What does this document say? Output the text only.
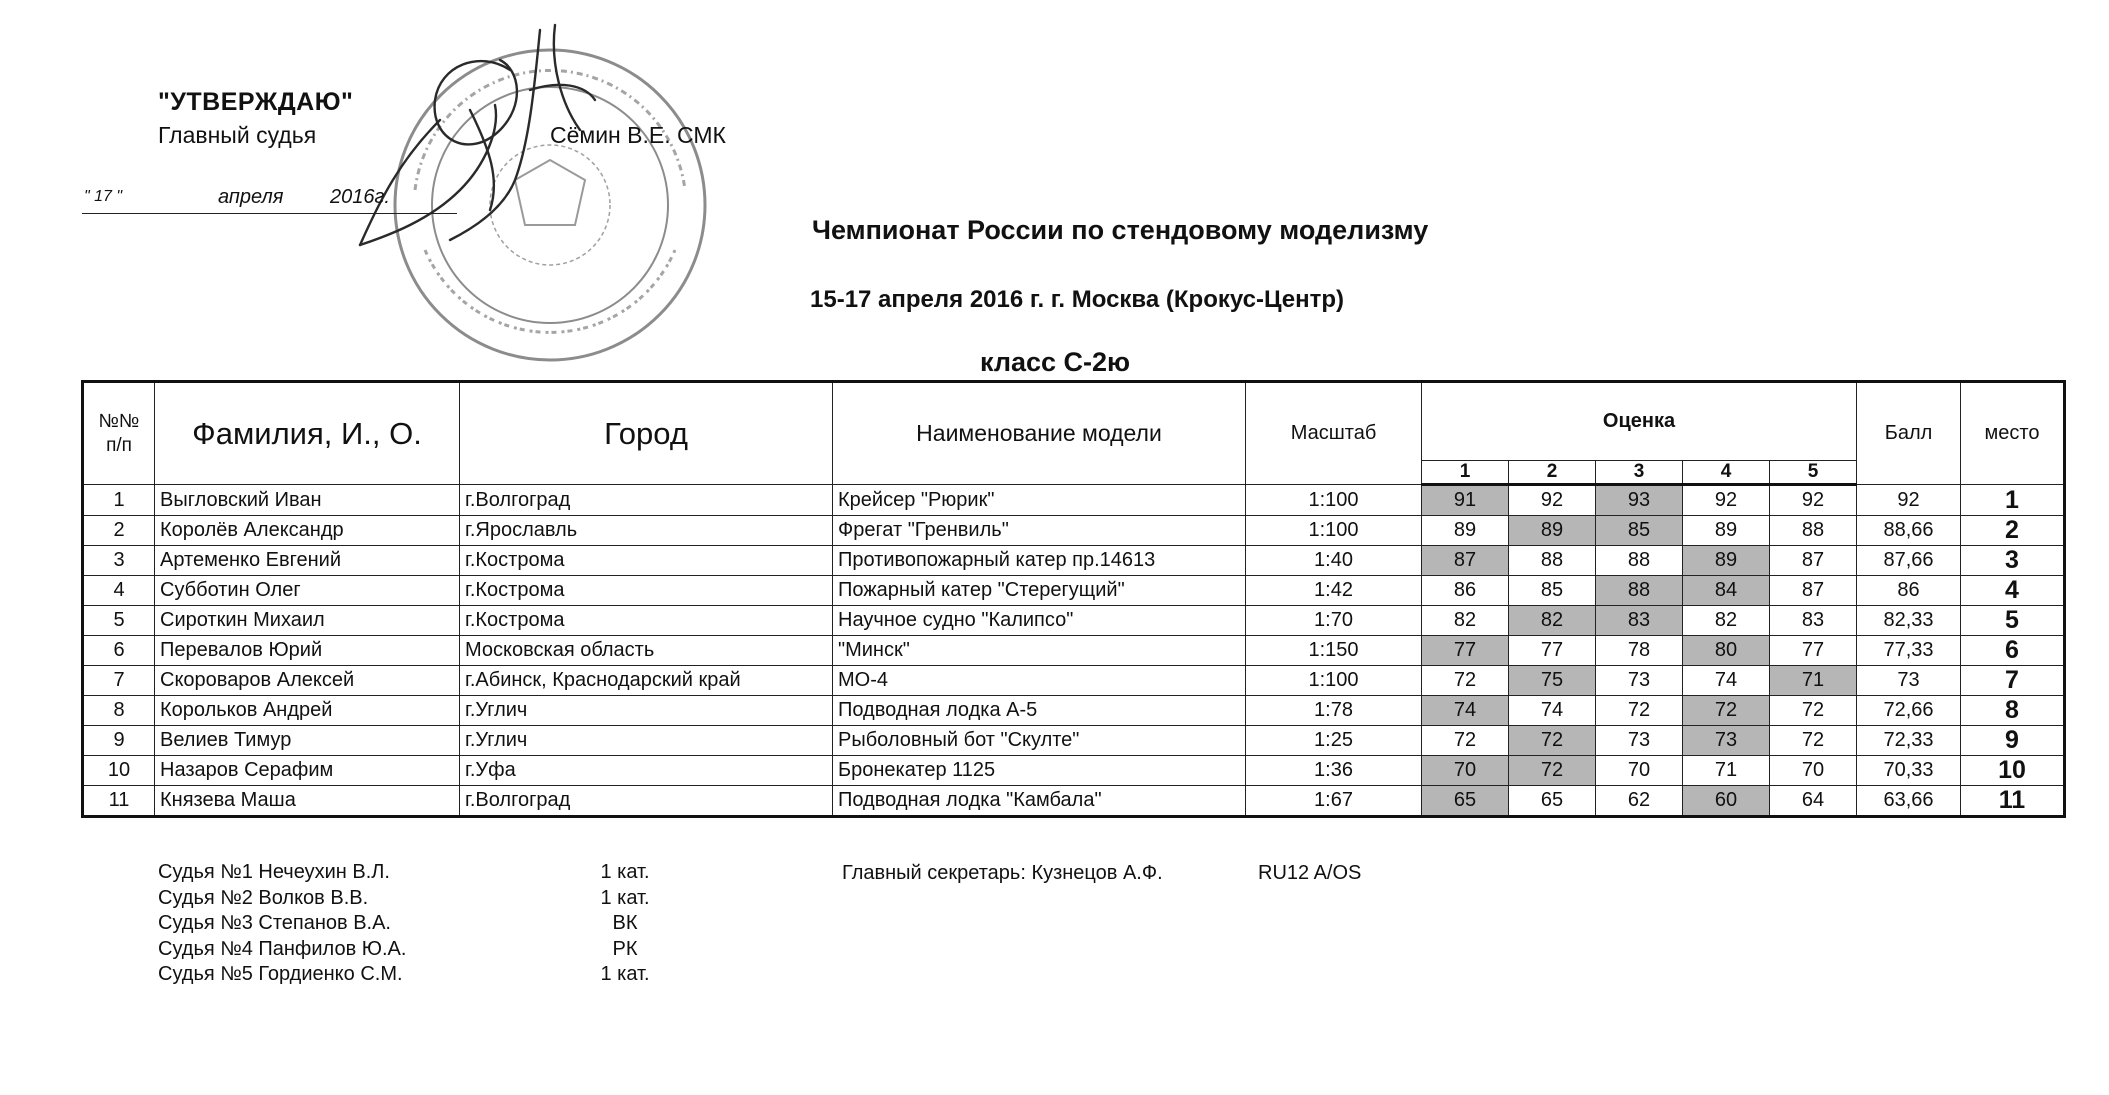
"УТВЕРЖДАЮ"
Главный судья	Сёмин В.Е. СМК
" 17 "	апреля 2016г.
Чемпионат России по стендовому моделизму
15-17 апреля 2016 г. г. Москва (Крокус-Центр)
класс С-2ю
№№ п/п	Фамилия, И., О.	Город	Наименование модели	Масштаб	Оценка					Балл	место
					1	2	3	4	5		
1	Выгловский Иван	г.Волгоград	Крейсер "Рюрик"	1:100	91	92	93	92	92	92	1
2	Королёв Александр	г.Ярославль	Фрегат "Гренвиль"	1:100	89	89	85	89	88	88,66	2
3	Артеменко Евгений	г.Кострома	Противопожарный катер пр.14613	1:40	87	88	88	89	87	87,66	3
4	Субботин Олег	г.Кострома	Пожарный катер "Стерегущий"	1:42	86	85	88	84	87	86	4
5	Сироткин Михаил	г.Кострома	Научное судно "Калипсо"	1:70	82	82	83	82	83	82,33	5
6	Перевалов Юрий	Московская область	"Минск"	1:150	77	77	78	80	77	77,33	6
7	Скороваров Алексей	г.Абинск, Краснодарский край	МО-4	1:100	72	75	73	74	71	73	7
8	Корольков Андрей	г.Углич	Подводная лодка А-5	1:78	74	74	72	72	72	72,66	8
9	Велиев Тимур	г.Углич	Рыболовный бот "Скулте"	1:25	72	72	73	73	72	72,33	9
10	Назаров Серафим	г.Уфа	Бронекатер 1125	1:36	70	72	70	71	70	70,33	10
11	Князева Маша	г.Волгоград	Подводная лодка "Камбала"	1:67	65	65	62	60	64	63,66	11
Судья №1 Нечеухин В.Л.	1 кат.
Судья №2 Волков В.В.	1 кат.
Судья №3 Степанов В.А.	ВК
Судья №4 Панфилов Ю.А.	РК
Судья №5 Гордиенко С.М.	1 кат.
Главный секретарь: Кузнецов А.Ф.	RU12 A/OS
